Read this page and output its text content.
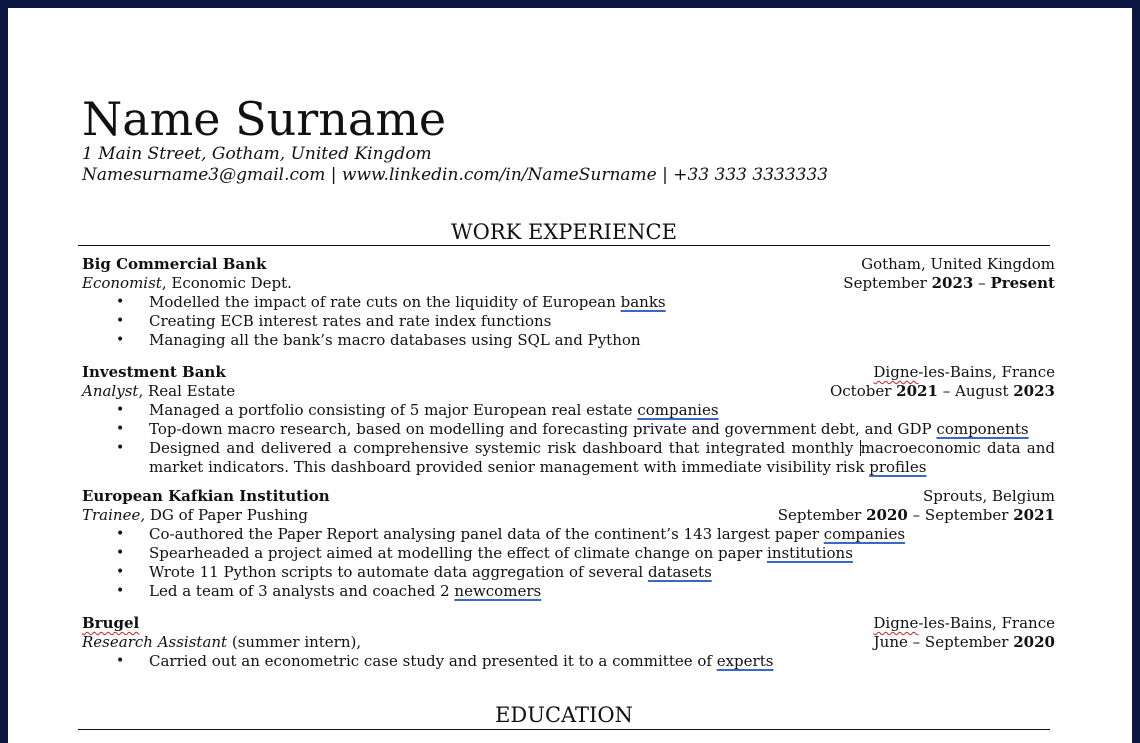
Name Surname
1 Main Street, Gotham, United Kingdom
Namesurname3@gmail.com | www.linkedin.com/in/NameSurname | +33 333 3333333
WORK EXPERIENCE
Big Commercial Bank	Gotham, United Kingdom
Economist, Economic Dept.	September 2023 – Present
• Modelled the impact of rate cuts on the liquidity of European banks
• Creating ECB interest rates and rate index functions
• Managing all the bank’s macro databases using SQL and Python
Investment Bank	Digne-les-Bains, France
Analyst, Real Estate	October 2021 – August 2023
• Managed a portfolio consisting of 5 major European real estate companies
• Top-down macro research, based on modelling and forecasting private and government debt, and GDP components
• Designed and delivered a comprehensive systemic risk dashboard that integrated monthly macroeconomic data and market indicators. This dashboard provided senior management with immediate visibility risk profiles
European Kafkian Institution	Sprouts, Belgium
Trainee, DG of Paper Pushing	September 2020 – September 2021
• Co-authored the Paper Report analysing panel data of the continent’s 143 largest paper companies
• Spearheaded a project aimed at modelling the effect of climate change on paper institutions
• Wrote 11 Python scripts to automate data aggregation of several datasets
• Led a team of 3 analysts and coached 2 newcomers
Brugel	Digne-les-Bains, France
Research Assistant (summer intern),	June – September 2020
• Carried out an econometric case study and presented it to a committee of experts
EDUCATION
